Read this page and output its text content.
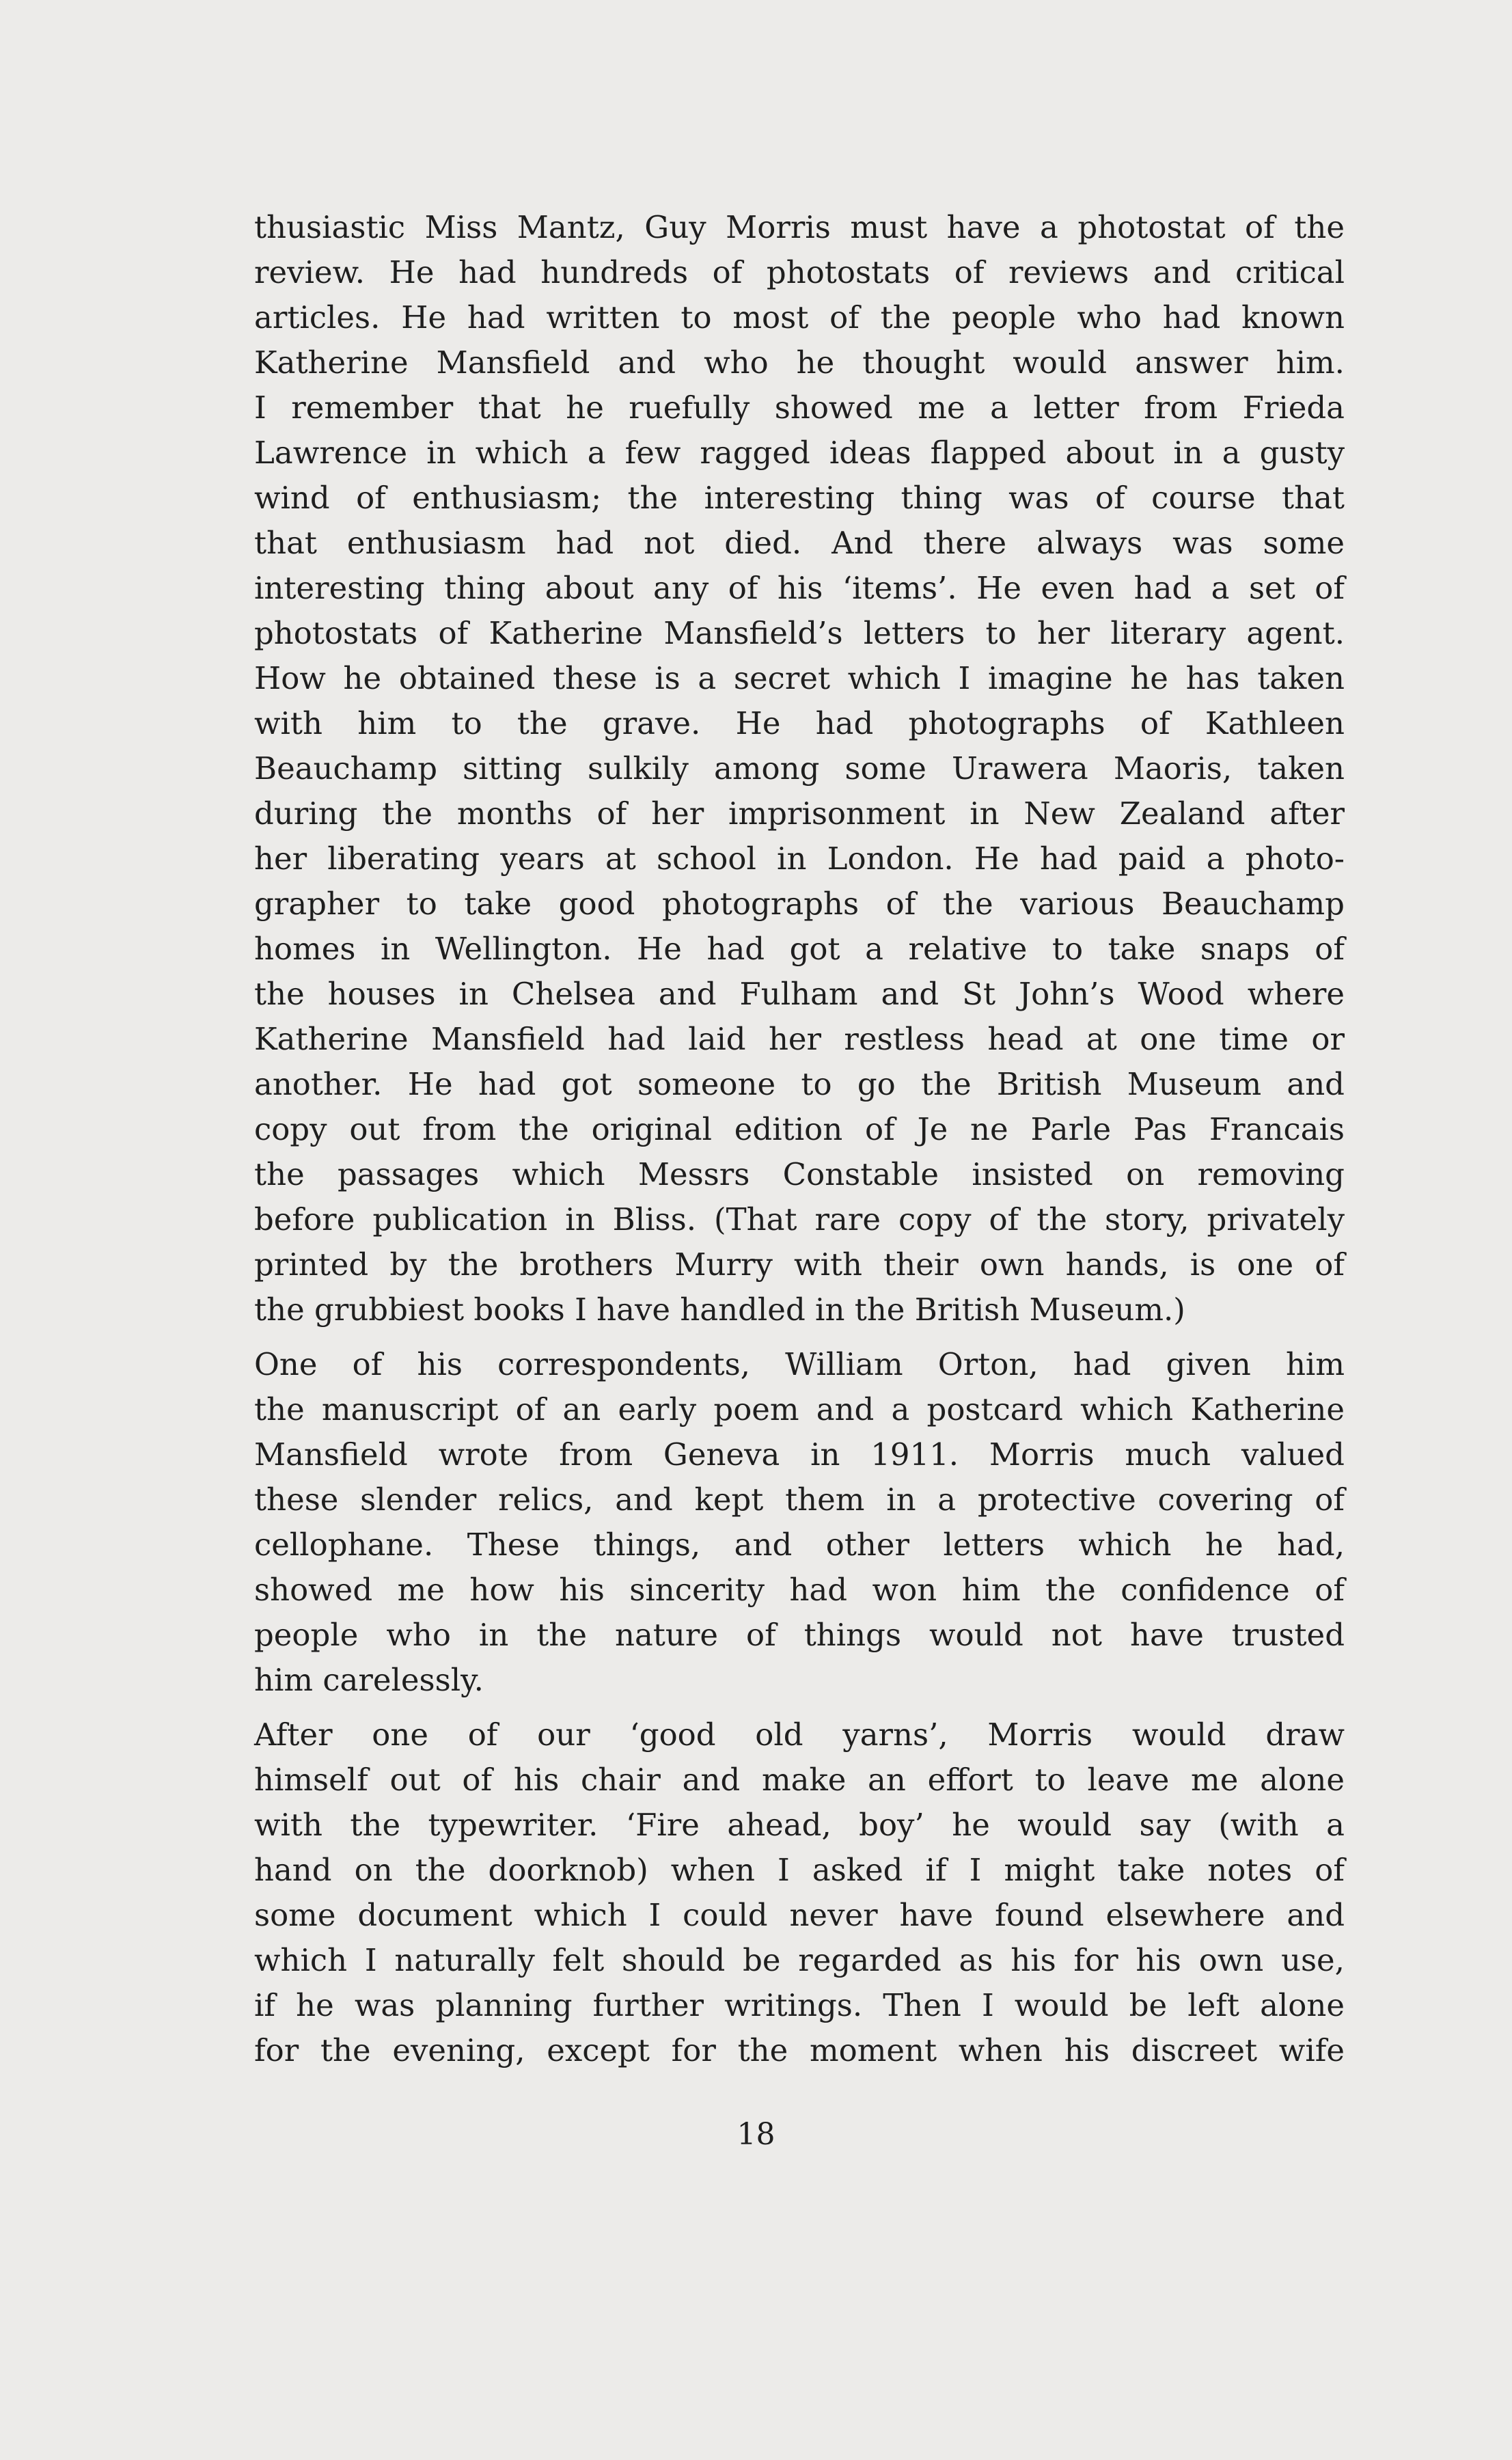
thusiastic Miss Mantz, Guy Morris must have a photostat of the
review. He had hundreds of photostats of reviews and critical
articles. He had written to most of the people who had known
Katherine Mansfield and who he thought would answer him.
I remember that he ruefully showed me a letter from Frieda
Lawrence in which a few ragged ideas flapped about in a gusty
wind of enthusiasm; the interesting thing was of course that
that enthusiasm had not died. And there always was some
interesting thing about any of his ‘items’. He even had a set of
photostats of Katherine Mansfield’s letters to her literary agent.
How he obtained these is a secret which I imagine he has taken
with him to the grave. He had photographs of Kathleen
Beauchamp sitting sulkily among some Urawera Maoris, taken
during the months of her imprisonment in New Zealand after
her liberating years at school in London. He had paid a photo-
grapher to take good photographs of the various Beauchamp
homes in Wellington. He had got a relative to take snaps of
the houses in Chelsea and Fulham and St John’s Wood where
Katherine Mansfield had laid her restless head at one time or
another. He had got someone to go the British Museum and
copy out from the original edition of Je ne Parle Pas Francais
the passages which Messrs Constable insisted on removing
before publication in Bliss. (That rare copy of the story, privately
printed by the brothers Murry with their own hands, is one of
the grubbiest books I have handled in the British Museum.)
One of his correspondents, William Orton, had given him
the manuscript of an early poem and a postcard which Katherine
Mansfield wrote from Geneva in 1911. Morris much valued
these slender relics, and kept them in a protective covering of
cellophane. These things, and other letters which he had,
showed me how his sincerity had won him the confidence of
people who in the nature of things would not have trusted
him carelessly.
After one of our ‘good old yarns’, Morris would draw
himself out of his chair and make an effort to leave me alone
with the typewriter. ‘Fire ahead, boy’ he would say (with a
hand on the doorknob) when I asked if I might take notes of
some document which I could never have found elsewhere and
which I naturally felt should be regarded as his for his own use,
if he was planning further writings. Then I would be left alone
for the evening, except for the moment when his discreet wife
18
